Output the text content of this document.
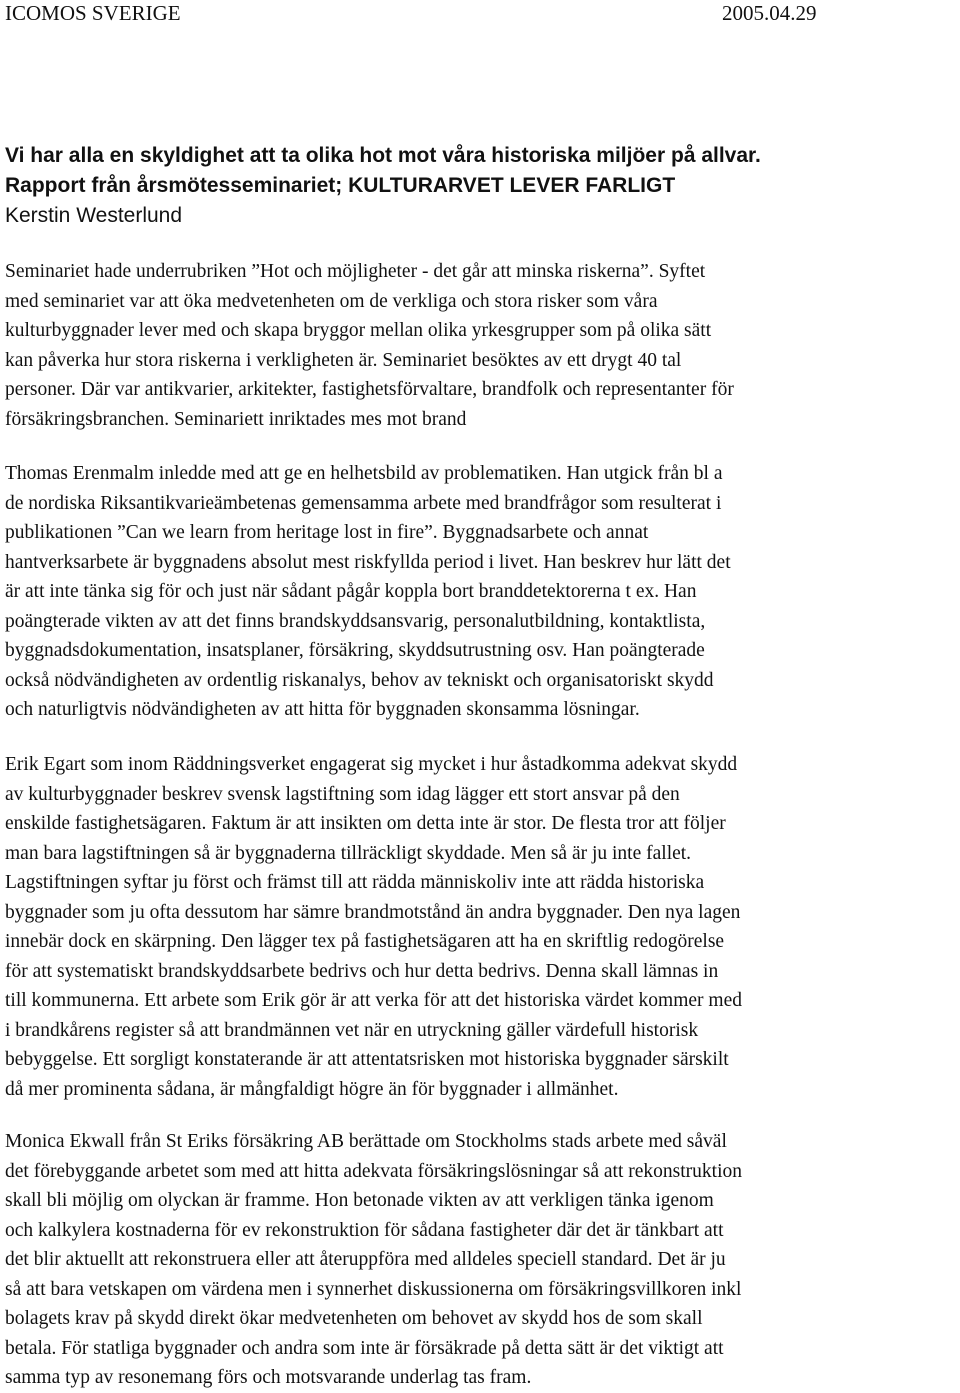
ICOMOS SVERIGE	2005.04.29
Vi har alla en skyldighet att ta olika hot mot våra historiska miljöer på allvar.
Rapport från årsmötesseminariet; KULTURARVET LEVER FARLIGT
Kerstin Westerlund
Seminariet hade underrubriken ”Hot och möjligheter - det går att minska riskerna”. Syftet
med seminariet var att öka medvetenheten om de verkliga och stora risker som våra
kulturbyggnader lever med och skapa bryggor mellan olika yrkesgrupper som på olika sätt
kan påverka hur stora riskerna i verkligheten är. Seminariet besöktes av ett drygt 40 tal
personer. Där var antikvarier, arkitekter, fastighetsförvaltare, brandfolk och representanter för
försäkringsbranchen. Seminariett inriktades mes mot brand
Thomas Erenmalm inledde med att ge en helhetsbild av problematiken. Han utgick från bl a
de nordiska Riksantikvarieämbetenas gemensamma arbete med brandfrågor som resulterat i
publikationen ”Can we learn from heritage lost in fire”. Byggnadsarbete och annat
hantverksarbete är byggnadens absolut mest riskfyllda period i livet. Han beskrev hur lätt det
är att inte tänka sig för och just när sådant pågår koppla bort branddetektorerna t ex. Han
poängterade vikten av att det finns brandskyddsansvarig, personalutbildning, kontaktlista,
byggnadsdokumentation, insatsplaner, försäkring, skyddsutrustning osv. Han poängterade
också nödvändigheten av ordentlig riskanalys, behov av tekniskt och organisatoriskt skydd
och naturligtvis nödvändigheten av att hitta för byggnaden skonsamma lösningar.
Erik Egart som inom Räddningsverket engagerat sig mycket i hur åstadkomma adekvat skydd
av kulturbyggnader beskrev svensk lagstiftning som idag lägger ett stort ansvar på den
enskilde fastighetsägaren. Faktum är att insikten om detta inte är stor. De flesta tror att följer
man bara lagstiftningen så är byggnaderna tillräckligt skyddade. Men så är ju inte fallet.
Lagstiftningen syftar ju först och främst till att rädda människoliv inte att rädda historiska
byggnader som ju ofta dessutom har sämre brandmotstånd än andra byggnader. Den nya lagen
innebär dock en skärpning. Den lägger tex på fastighetsägaren att ha en skriftlig redogörelse
för att systematiskt brandskyddsarbete bedrivs och hur detta bedrivs. Denna skall lämnas in
till kommunerna. Ett arbete som Erik gör är att verka för att det historiska värdet kommer med
i brandkårens register så att brandmännen vet när en utryckning gäller värdefull historisk
bebyggelse. Ett sorgligt konstaterande är att attentatsrisken mot historiska byggnader särskilt
då mer prominenta sådana, är mångfaldigt högre än för byggnader i allmänhet.
Monica Ekwall från St Eriks försäkring AB berättade om Stockholms stads arbete med såväl
det förebyggande arbetet som med att hitta adekvata försäkringslösningar så att rekonstruktion
skall bli möjlig om olyckan är framme. Hon betonade vikten av att verkligen tänka igenom
och kalkylera kostnaderna för ev rekonstruktion för sådana fastigheter där det är tänkbart att
det blir aktuellt att rekonstruera eller att återuppföra med alldeles speciell standard. Det är ju
så att bara vetskapen om värdena men i synnerhet diskussionerna om försäkringsvillkoren inkl
bolagets krav på skydd direkt ökar medvetenheten om behovet av skydd hos de som skall
betala. För statliga byggnader och andra som inte är försäkrade på detta sätt är det viktigt att
samma typ av resonemang förs och motsvarande underlag tas fram.
